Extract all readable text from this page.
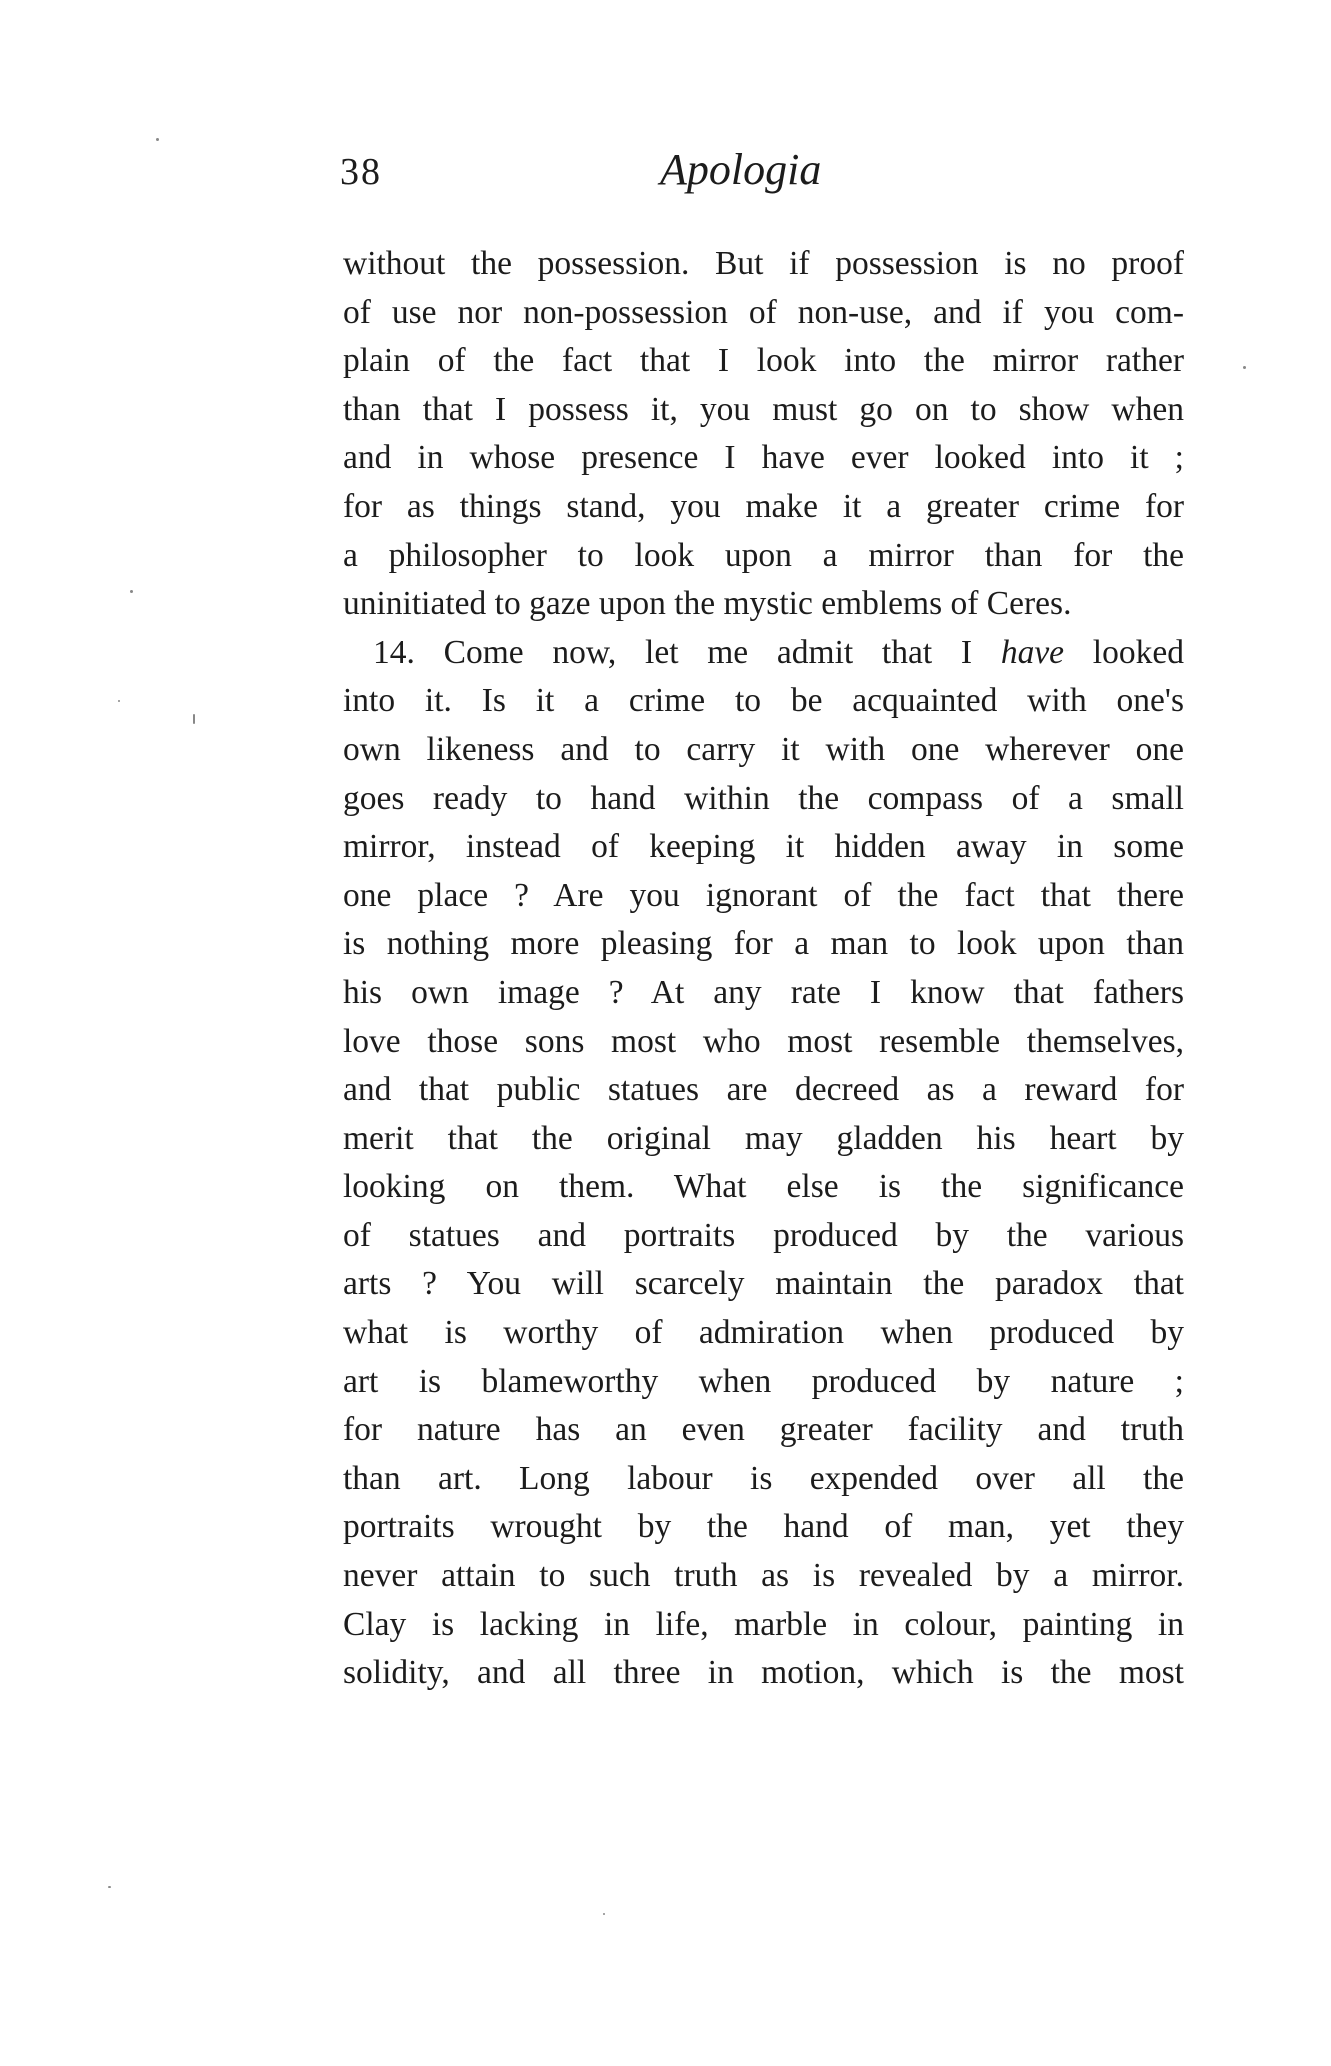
38	Apologia
without the possession. But if possession is no proof
of use nor non-possession of non-use, and if you com-
plain of the fact that I look into the mirror rather
than that I possess it, you must go on to show when
and in whose presence I have ever looked into it ;
for as things stand, you make it a greater crime for
a philosopher to look upon a mirror than for the
uninitiated to gaze upon the mystic emblems of Ceres.
14. Come now, let me admit that I have looked
into it. Is it a crime to be acquainted with one's
own likeness and to carry it with one wherever one
goes ready to hand within the compass of a small
mirror, instead of keeping it hidden away in some
one place ? Are you ignorant of the fact that there
is nothing more pleasing for a man to look upon than
his own image ? At any rate I know that fathers
love those sons most who most resemble themselves,
and that public statues are decreed as a reward for
merit that the original may gladden his heart by
looking on them. What else is the significance
of statues and portraits produced by the various
arts ? You will scarcely maintain the paradox that
what is worthy of admiration when produced by
art is blameworthy when produced by nature ;
for nature has an even greater facility and truth
than art. Long labour is expended over all the
portraits wrought by the hand of man, yet they
never attain to such truth as is revealed by a mirror.
Clay is lacking in life, marble in colour, painting in
solidity, and all three in motion, which is the most
